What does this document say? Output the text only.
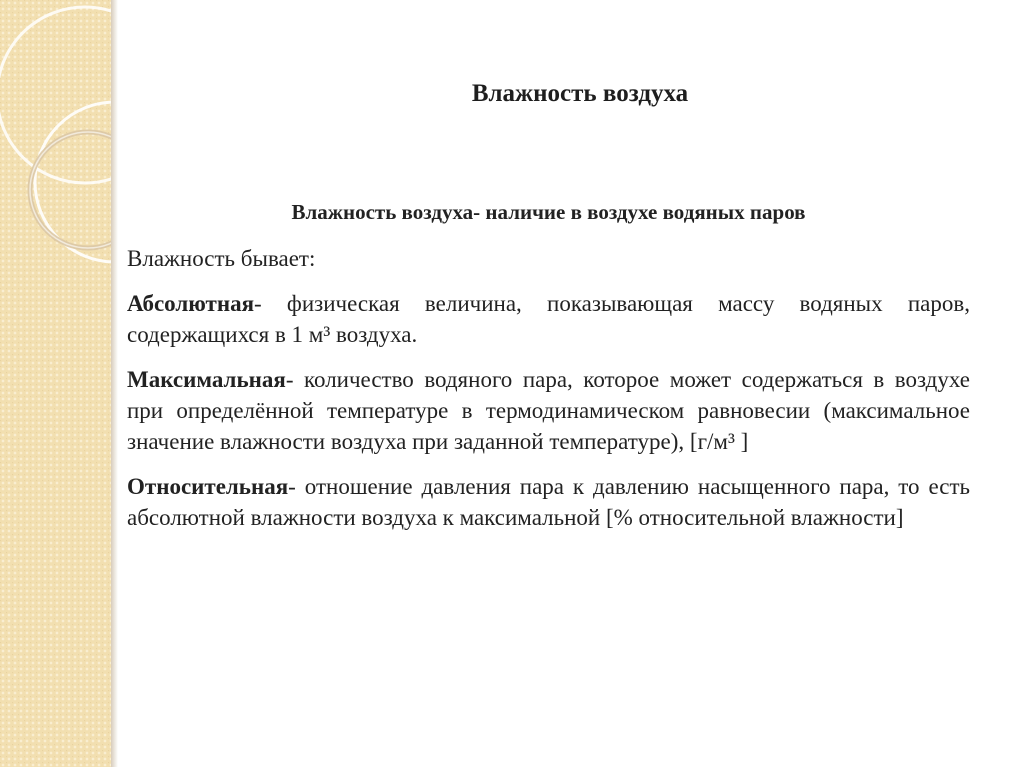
Влажность воздуха
Влажность воздуха- наличие в воздухе водяных паров

Влажность бывает:

Абсолютная- физическая величина, показывающая массу водяных паров, содержащихся в 1 м³ воздуха.

Максимальная- количество водяного пара, которое может содержаться в воздухе при определённой температуре в термодинамическом равновесии (максимальное значение влажности воздуха при заданной температуре), [г/м³ ]

Относительная- отношение давления пара к давлению насыщенного пара, то есть абсолютной влажности воздуха к максимальной [% относительной влажности]
